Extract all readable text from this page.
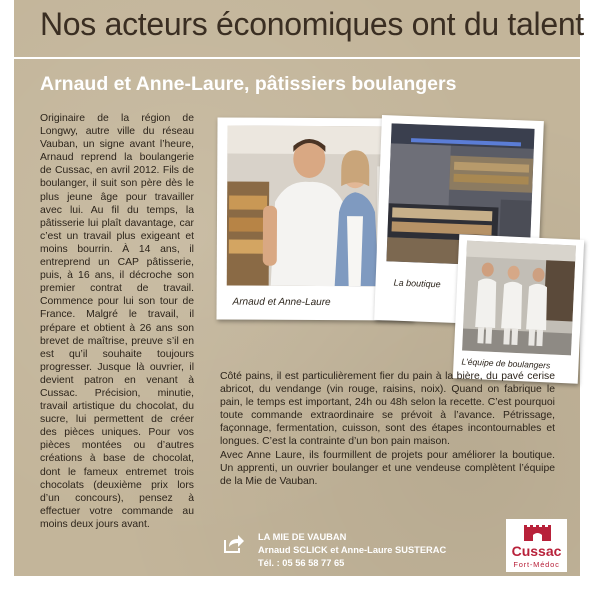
Nos acteurs économiques ont du talent
Arnaud et Anne-Laure, pâtissiers boulangers
Originaire de la région de Longwy, autre ville du réseau Vauban, un signe avant l’heure, Arnaud reprend la boulangerie de Cussac, en avril 2012. Fils de boulanger, il suit son père dès le plus jeune âge pour travailler avec lui. Au fil du temps, la pâtisserie lui plaît davantage, car c’est un travail plus exigeant et moins bourrin. À 14 ans, il entreprend un CAP pâtisserie, puis, à 16 ans, il décroche son premier contrat de travail. Commence pour lui son tour de France. Malgré le travail, il prépare et obtient à 26 ans son brevet de maîtrise, preuve s’il en est qu’il souhaite toujours progresser. Jusque là ouvrier, il devient patron en venant à Cussac. Précision, minutie, travail artistique du chocolat, du sucre, lui permettent de créer des pièces uniques. Pour vos pièces montées ou d’autres créations à base de chocolat, dont le fameux entremet trois chocolats (deuxième prix lors d’un concours), pensez à effectuer votre commande au moins deux jours avant.
Arnaud et Anne-Laure
La boutique
L’équipe de boulangers

Côté pains, il est particulièrement fier du pain à la bière, du pavé cerise abricot, du vendange (vin rouge, raisins, noix). Quand on fabrique le pain, le temps est important, 24h ou 48h selon la recette. C’est pourquoi toute commande extraordinaire se prévoit à l’avance. Pétrissage, façonnage, fermentation, cuisson, sont des étapes incontournables et longues. C’est la contrainte d’un bon pain maison.

Avec Anne Laure, ils fourmillent de projets pour améliorer la boutique. Un apprenti, un ouvrier boulanger et une vendeuse complètent l’équipe de la Mie de Vauban.

LA MIE DE VAUBAN
Arnaud SCLICK et Anne-Laure SUSTERAC
Tél. : 05 56 58 77 65
Cussac
Fort-Médoc
